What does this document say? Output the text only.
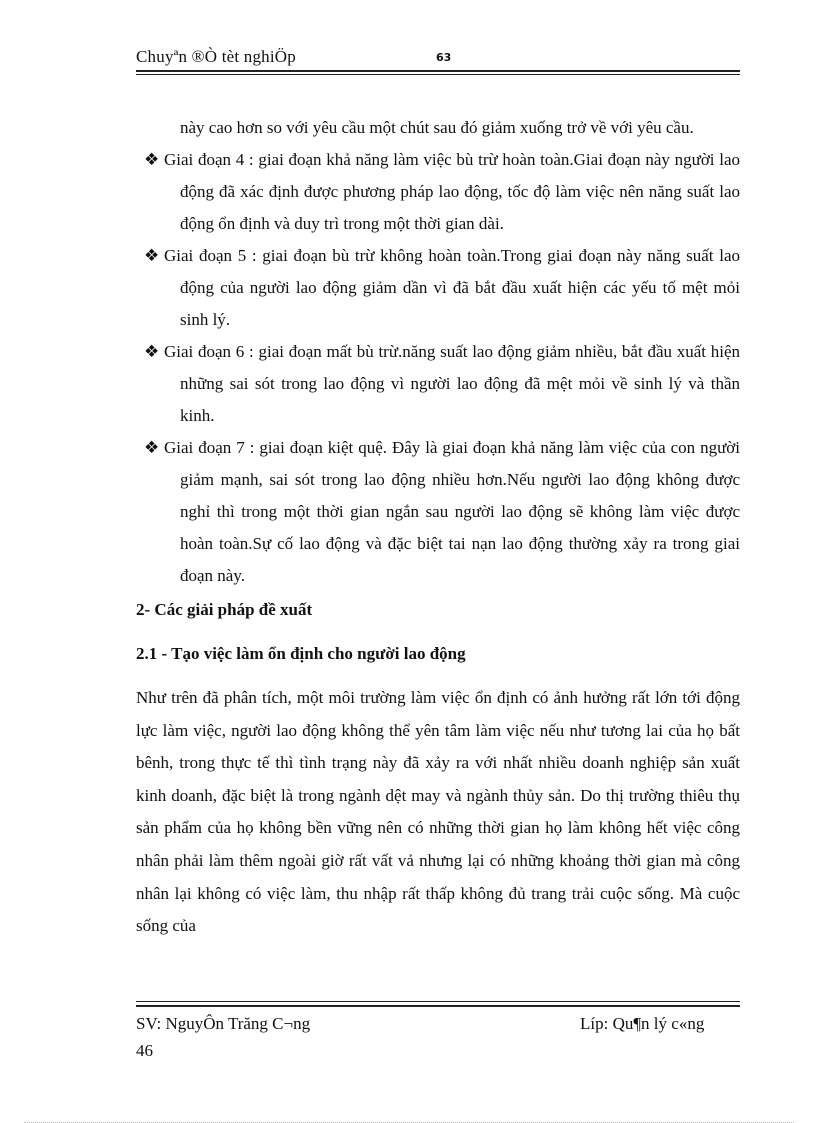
Chuyªn ®Ò tèt nghiÖp	63
này cao hơn so với yêu cầu một chút sau đó giảm xuống trở về với yêu cầu.
❖ Giai đoạn 4 : giai đoạn khả năng làm việc bù trừ hoàn toàn.Giai đoạn này người lao động đã xác định được phương pháp lao động, tốc độ làm việc nên năng suất lao động ổn định và duy trì trong một thời gian dài.
❖ Giai đoạn 5 : giai đoạn bù trừ không hoàn toàn.Trong giai đoạn này năng suất lao động của người lao động giảm dần vì đã bắt đầu xuất hiện các yếu tố mệt mỏi sinh lý.
❖ Giai đoạn 6 : giai đoạn mất bù trừ.năng suất lao động giảm nhiều, bắt đầu xuất hiện những sai sót trong lao động vì người lao động đã mệt mỏi về sinh lý và thần kinh.
❖ Giai đoạn 7 : giai đoạn kiệt quệ. Đây là giai đoạn khả năng làm việc của con người giảm mạnh, sai sót trong lao động nhiều hơn.Nếu người lao động không được nghỉ thì trong một thời gian ngắn sau người lao động sẽ không làm việc được hoàn toàn.Sự cố lao động và đặc biệt tai nạn lao động thường xảy ra trong giai đoạn này.
2- Các giải pháp đề xuất
2.1 - Tạo việc làm ổn định cho người lao động
Như trên đã phân tích, một môi trường làm việc ổn định có ảnh hưởng rất lớn tới động lực làm việc, người lao động không thể yên tâm làm việc nếu như tương lai của họ bất bênh, trong thực tế thì tình trạng này đã xảy ra với nhất nhiều doanh nghiệp sản xuất kinh doanh, đặc biệt là trong ngành dệt may và ngành thủy sản. Do thị trường thiêu thụ sản phẩm của họ không bền vững nên có những thời gian họ làm không hết việc công nhân phải làm thêm ngoài giờ rất vất vả nhưng lại có những khoảng thời gian mà công nhân lại không có việc làm, thu nhập rất thấp không đủ trang trải cuộc sống. Mà cuộc sống của
SV: NguyÔn Trăng C¬ng	Líp: Qu¶n lý c«ng
46
